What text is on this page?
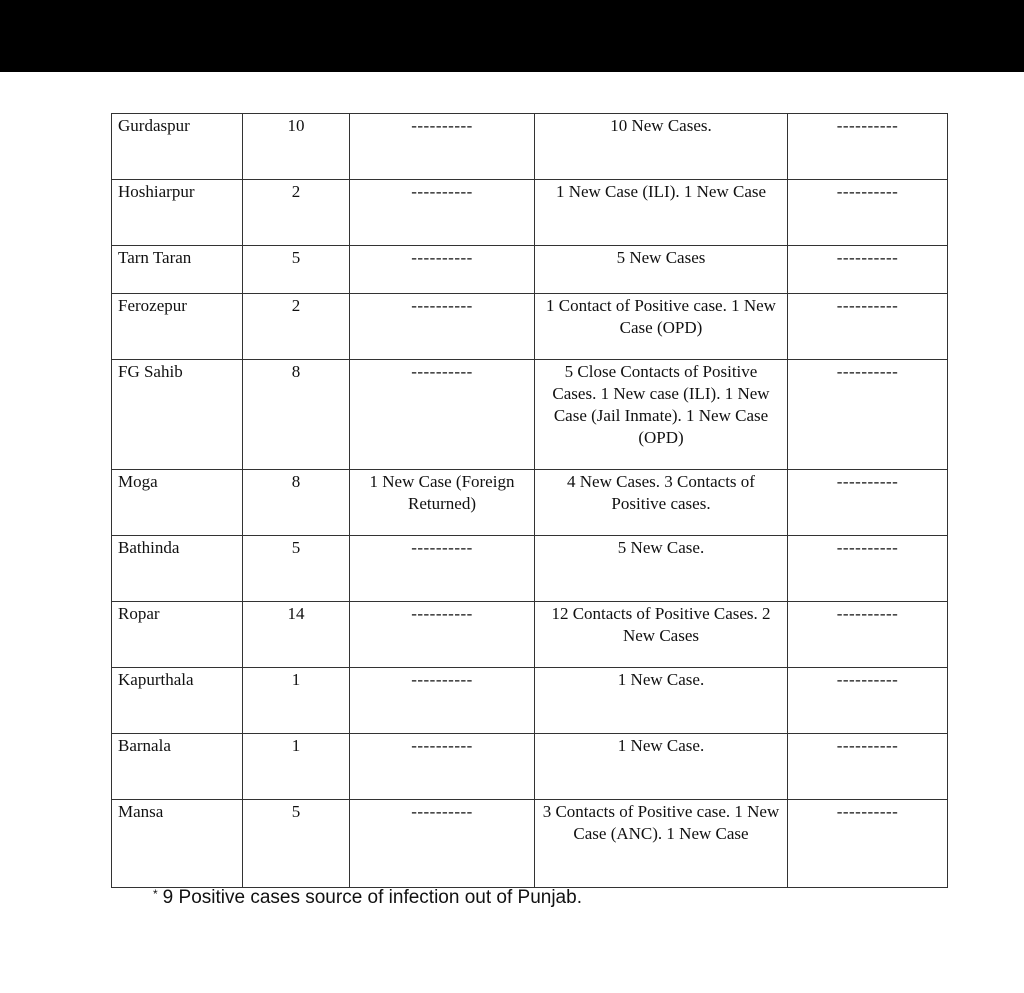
Gurdaspur	10	----------	10 New Cases.	----------
Hoshiarpur	2	----------	1 New Case (ILI). 1 New Case	----------
Tarn Taran	5	----------	5 New Cases	----------
Ferozepur	2	----------	1 Contact of Positive case. 1 New Case (OPD)	----------
FG Sahib	8	----------	5 Close Contacts of Positive Cases. 1 New case (ILI). 1 New Case (Jail Inmate). 1 New Case (OPD)	----------
Moga	8	1 New Case (Foreign Returned)	4 New Cases. 3 Contacts of Positive cases.	----------
Bathinda	5	----------	5 New Case.	----------
Ropar	14	----------	12 Contacts of Positive Cases. 2 New Cases	----------
Kapurthala	1	----------	1 New Case.	----------
Barnala	1	----------	1 New Case.	----------
Mansa	5	----------	3 Contacts of Positive case. 1 New Case (ANC). 1 New Case	----------
* 9 Positive cases source of infection out of Punjab.
